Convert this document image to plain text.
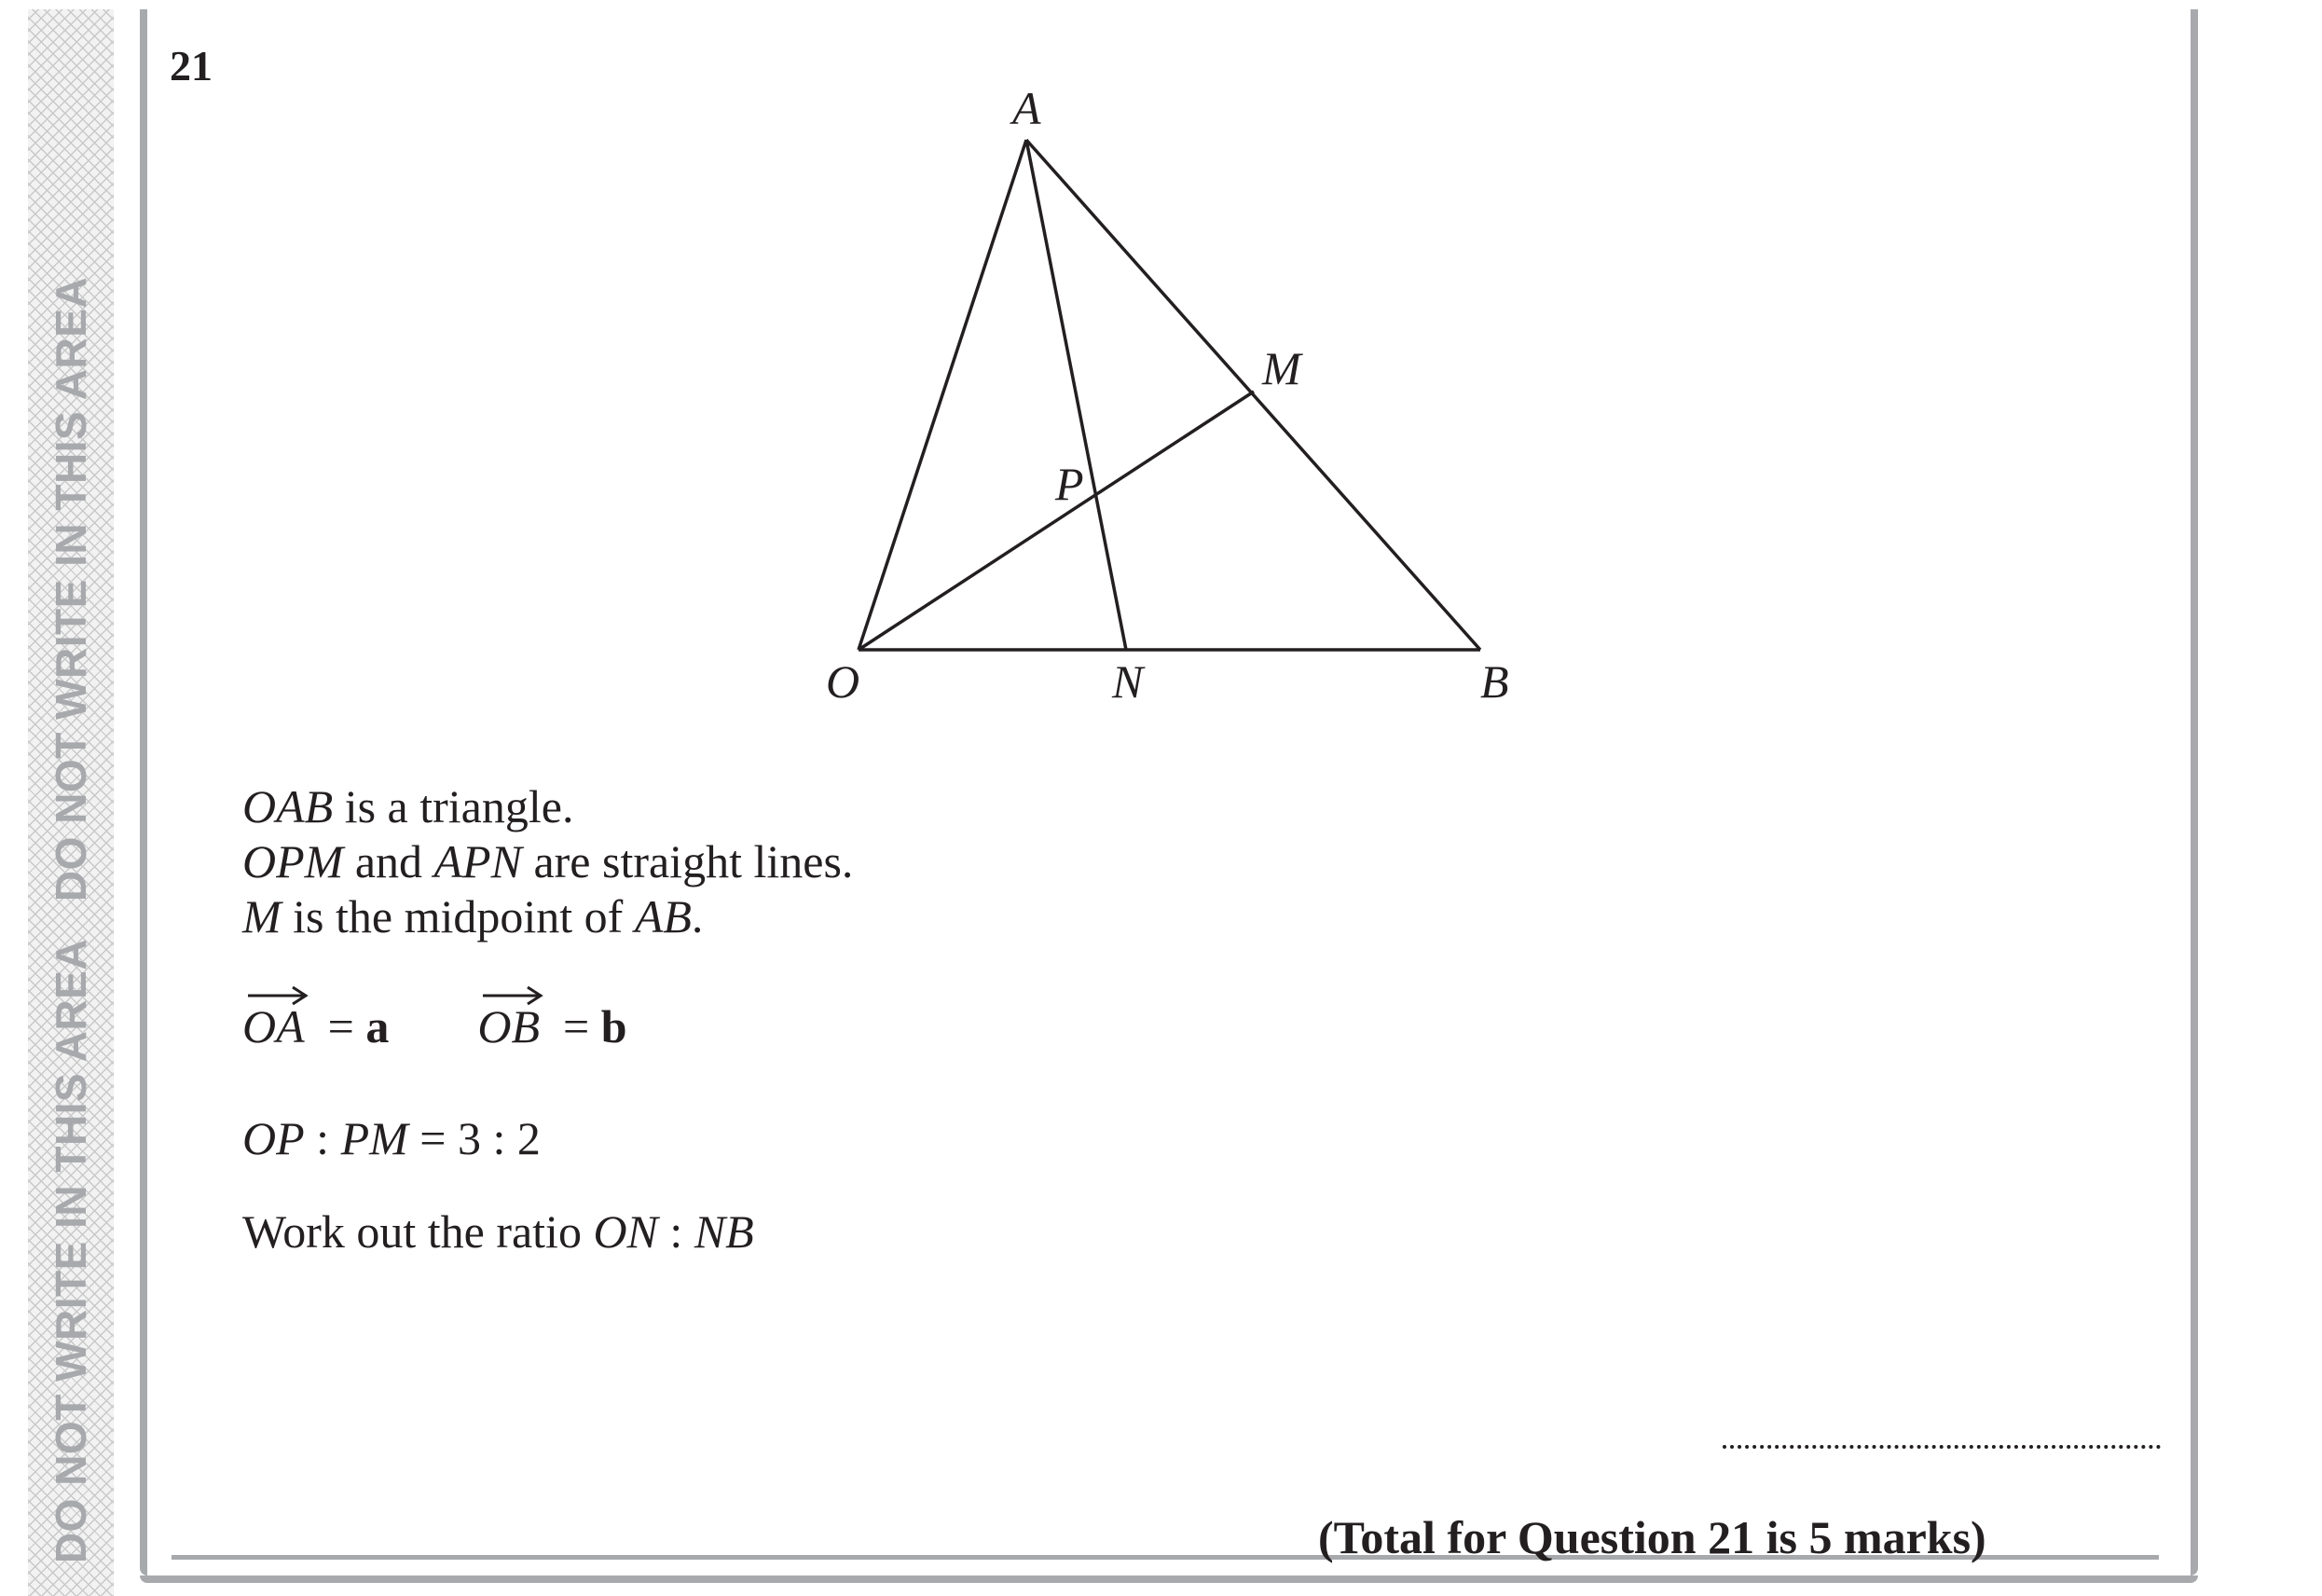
DO NOT WRITE IN THIS AREA
DO NOT WRITE IN THIS AREA
21
A
M
P
O	N	B
OAB is a triangle.
OPM and APN are straight lines.
M is the midpoint of AB.
OA = a OB = b
OP : PM = 3 : 2
Work out the ratio ON : NB
(Total for Question 21 is 5 marks)
